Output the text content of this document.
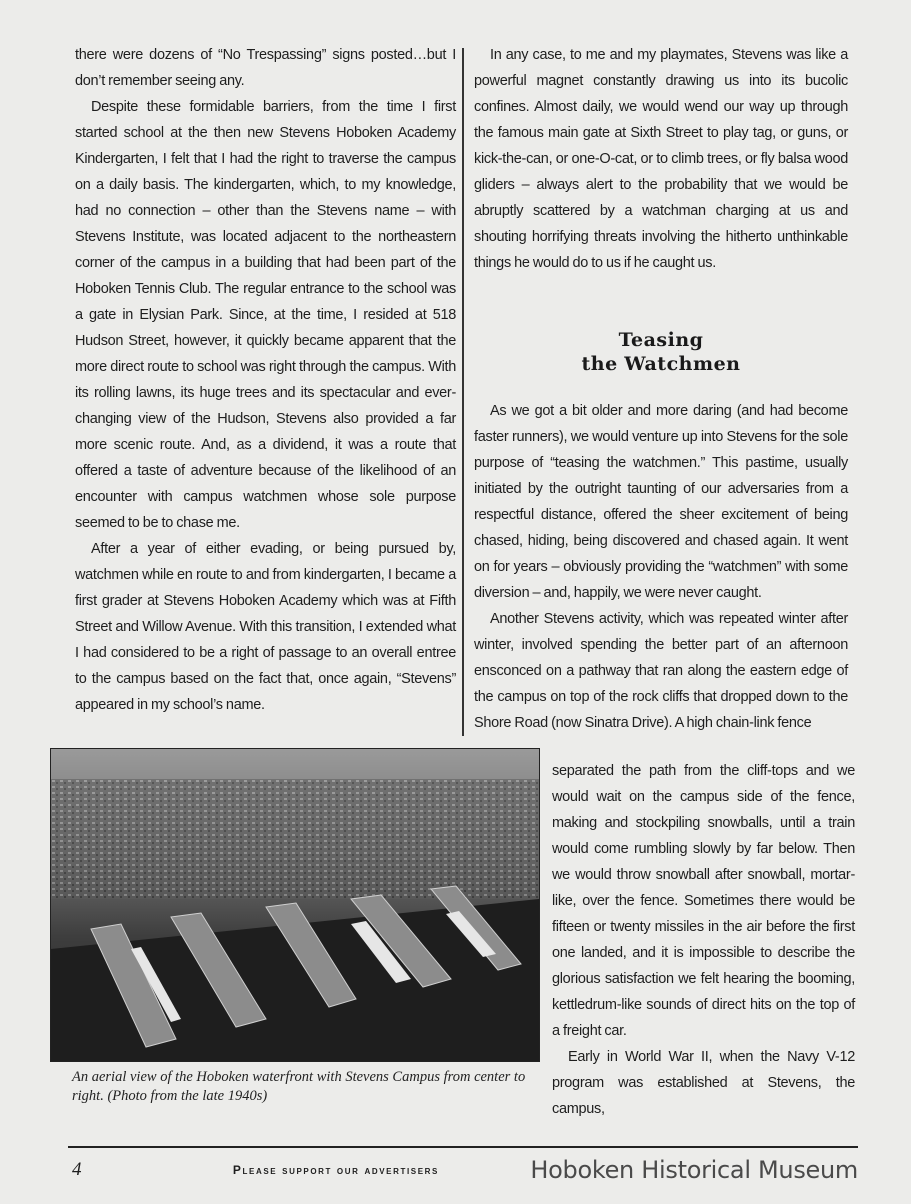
there were dozens of “No Trespassing” signs posted…but I don’t remember seeing any.

Despite these formidable barriers, from the time I first started school at the then new Stevens Hoboken Academy Kindergarten, I felt that I had the right to traverse the campus on a daily basis. The kindergarten, which, to my knowledge, had no connection – other than the Stevens name – with Stevens Institute, was located adjacent to the northeastern corner of the campus in a building that had been part of the Hoboken Tennis Club. The regular entrance to the school was a gate in Elysian Park. Since, at the time, I resided at 518 Hudson Street, however, it quickly became apparent that the more direct route to school was right through the campus. With its rolling lawns, its huge trees and its spectacular and ever-changing view of the Hudson, Stevens also provided a far more scenic route. And, as a dividend, it was a route that offered a taste of adventure because of the likelihood of an encounter with campus watchmen whose sole purpose seemed to be to chase me.

After a year of either evading, or being pursued by, watchmen while en route to and from kindergarten, I became a first grader at Stevens Hoboken Academy which was at Fifth Street and Willow Avenue. With this transition, I extended what I had considered to be a right of passage to an overall entree to the campus based on the fact that, once again, “Stevens” appeared in my school’s name.

In any case, to me and my playmates, Stevens was like a powerful magnet constantly drawing us into its bucolic confines. Almost daily, we would wend our way up through the famous main gate at Sixth Street to play tag, or guns, or kick-the-can, or one-O-cat, or to climb trees, or fly balsa wood gliders – always alert to the probability that we would be abruptly scattered by a watchman charging at us and shouting horrifying threats involving the hitherto unthinkable things he would do to us if he caught us.

Teasing
the Watchmen

As we got a bit older and more daring (and had become faster runners), we would venture up into Stevens for the sole purpose of “teasing the watchmen.” This pastime, usually initiated by the outright taunting of our adversaries from a respectful distance, offered the sheer excitement of being chased, hiding, being discovered and chased again. It went on for years – obviously providing the “watchmen” with some diversion – and, happily, we were never caught.

Another Stevens activity, which was repeated winter after winter, involved spending the better part of an afternoon ensconced on a pathway that ran along the eastern edge of the campus on top of the rock cliffs that dropped down to the Shore Road (now Sinatra Drive). A high chain-link fence

An aerial view of the Hoboken waterfront with Stevens Campus from center to right. (Photo from the late 1940s)

separated the path from the cliff-tops and we would wait on the campus side of the fence, making and stockpiling snowballs, until a train would come rumbling slowly by far below. Then we would throw snowball after snowball, mortar-like, over the fence. Sometimes there would be fifteen or twenty missiles in the air before the first one landed, and it is impossible to describe the glorious satisfaction we felt hearing the booming, kettledrum-like sounds of direct hits on the top of a freight car.

Early in World War II, when the Navy V-12 program was established at Stevens, the campus,

4	Please support our advertisers	Hoboken Historical Museum
